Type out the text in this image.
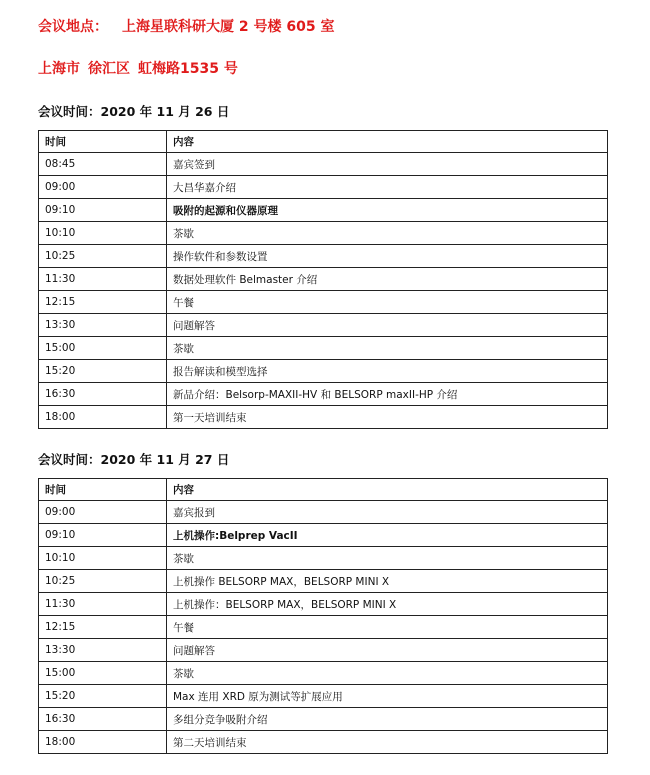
会议地点： 上海星联科研大厦 2 号楼 605 室
上海市 徐汇区 虹梅路1535 号
会议时间：2020 年 11 月 26 日
时间	内容
08:45	嘉宾签到
09:00	大昌华嘉介绍
09:10	吸附的起源和仪器原理
10:10	茶歇
10:25	操作软件和参数设置
11:30	数据处理软件 Belmaster 介绍
12:15	午餐
13:30	问题解答
15:00	茶歇
15:20	报告解读和模型选择
16:30	新品介绍：Belsorp-MAXII-HV 和 BELSORP maxII-HP 介绍
18:00	第一天培训结束
会议时间：2020 年 11 月 27 日
时间	内容
09:00	嘉宾报到
09:10	上机操作:Belprep VacII
10:10	茶歇
10:25	上机操作 BELSORP MAX，BELSORP MINI X
11:30	上机操作：BELSORP MAX，BELSORP MINI X
12:15	午餐
13:30	问题解答
15:00	茶歇
15:20	Max 连用 XRD 原为测试等扩展应用
16:30	多组分竞争吸附介绍
18:00	第二天培训结束
